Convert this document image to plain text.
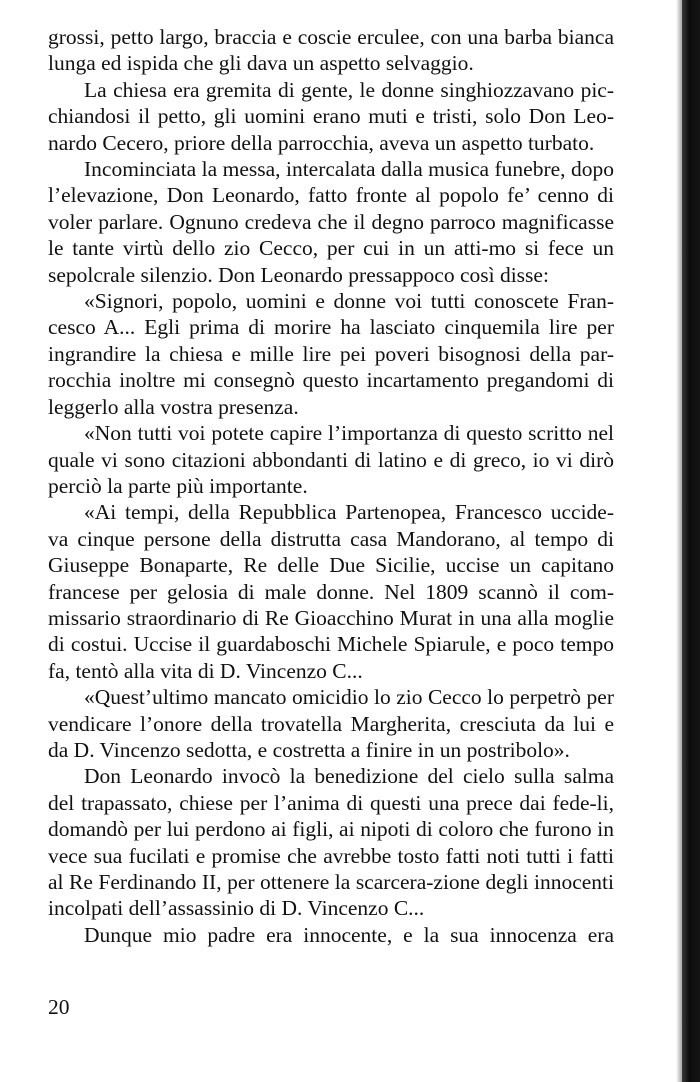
grossi, petto largo, braccia e coscie erculee, con una barba bianca lunga ed ispida che gli dava un aspetto selvaggio.

La chiesa era gremita di gente, le donne singhiozzavano pic-chiandosi il petto, gli uomini erano muti e tristi, solo Don Leo-nardo Cecero, priore della parrocchia, aveva un aspetto turbato.

Incominciata la messa, intercalata dalla musica funebre, dopo l’elevazione, Don Leonardo, fatto fronte al popolo fe’ cenno di voler parlare. Ognuno credeva che il degno parroco magnificasse le tante virtù dello zio Cecco, per cui in un atti-mo si fece un sepolcrale silenzio. Don Leonardo pressappoco così disse:

«Signori, popolo, uomini e donne voi tutti conoscete Fran-cesco A... Egli prima di morire ha lasciato cinquemila lire per ingrandire la chiesa e mille lire pei poveri bisognosi della par-rocchia inoltre mi consegnò questo incartamento pregandomi di leggerlo alla vostra presenza.

«Non tutti voi potete capire l’importanza di questo scritto nel quale vi sono citazioni abbondanti di latino e di greco, io vi dirò perciò la parte più importante.

«Ai tempi, della Repubblica Partenopea, Francesco uccide-va cinque persone della distrutta casa Mandorano, al tempo di Giuseppe Bonaparte, Re delle Due Sicilie, uccise un capitano francese per gelosia di male donne. Nel 1809 scannò il com-missario straordinario di Re Gioacchino Murat in una alla moglie di costui. Uccise il guardaboschi Michele Spiarule, e poco tempo fa, tentò alla vita di D. Vincenzo C...

«Quest’ultimo mancato omicidio lo zio Cecco lo perpetrò per vendicare l’onore della trovatella Margherita, cresciuta da lui e da D. Vincenzo sedotta, e costretta a finire in un postribolo».

Don Leonardo invocò la benedizione del cielo sulla salma del trapassato, chiese per l’anima di questi una prece dai fede-li, domandò per lui perdono ai figli, ai nipoti di coloro che furono in vece sua fucilati e promise che avrebbe tosto fatti noti tutti i fatti al Re Ferdinando II, per ottenere la scarcera-zione degli innocenti incolpati dell’assassinio di D. Vincenzo C...

Dunque mio padre era innocente, e la sua innocenza era

20
